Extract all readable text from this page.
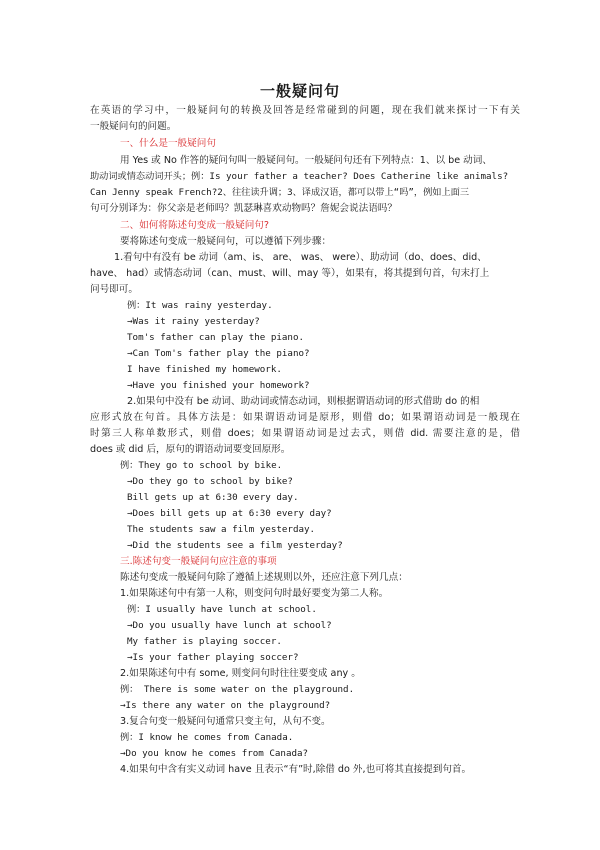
一般疑问句
在英语的学习中，一般疑问句的转换及回答是经常碰到的问题，现在我们就来探讨一下有关
一般疑问句的问题。
一、什么是一般疑问句
用 Yes 或 No 作答的疑问句叫一般疑问句。一般疑问句还有下列特点：1、以 be 动词、
助动词或情态动词开头；例：Is your father a teacher? Does Catherine like animals?
Can Jenny speak French?2、往往读升调；3、译成汉语，都可以带上“吗”，例如上面三
句可分别译为：你父亲是老师吗？凯瑟琳喜欢动物吗？詹妮会说法语吗？
二、如何将陈述句变成一般疑问句?
要将陈述句变成一般疑问句，可以遵循下列步骤：
1.看句中有没有 be 动词（am、is、 are、 was、 were）、助动词（do、does、did、
have、 had）或情态动词（can、must、will、may 等），如果有，将其提到句首，句末打上
问号即可。
例：It was rainy yesterday.
→Was it rainy yesterday?
Tom's father can play the piano.
→Can Tom's father play the piano?
I have finished my homework.
→Have you finished your homework?
2.如果句中没有 be 动词、助动词或情态动词，则根据谓语动词的形式借助 do 的相
应形式放在句首。具体方法是：如果谓语动词是原形，则借 do；如果谓语动词是一般现在
时第三人称单数形式，则借 does；如果谓语动词是过去式，则借 did. 需要注意的是，借
does 或 did 后，原句的谓语动词要变回原形。
例：They go to school by bike.
→Do they go to school by bike?
Bill gets up at 6:30 every day.
→Does bill gets up at 6:30 every day?
The students saw a film yesterday.
→Did the students see a film yesterday?
三.陈述句变一般疑问句应注意的事项
陈述句变成一般疑问句除了遵循上述规则以外，还应注意下列几点：
1.如果陈述句中有第一人称，则变问句时最好要变为第二人称。
例：I usually have lunch at school.
→Do you usually have lunch at school?
My father is playing soccer.
→Is your father playing soccer?
2.如果陈述句中有 some, 则变问句时往往要变成 any 。
例： There is some water on the playground.
→Is there any water on the playground?
3.复合句变一般疑问句通常只变主句，从句不变。
例：I know he comes from Canada.
→Do you know he comes from Canada?
4.如果句中含有实义动词 have 且表示“有”时,除借 do 外,也可将其直接提到句首。
